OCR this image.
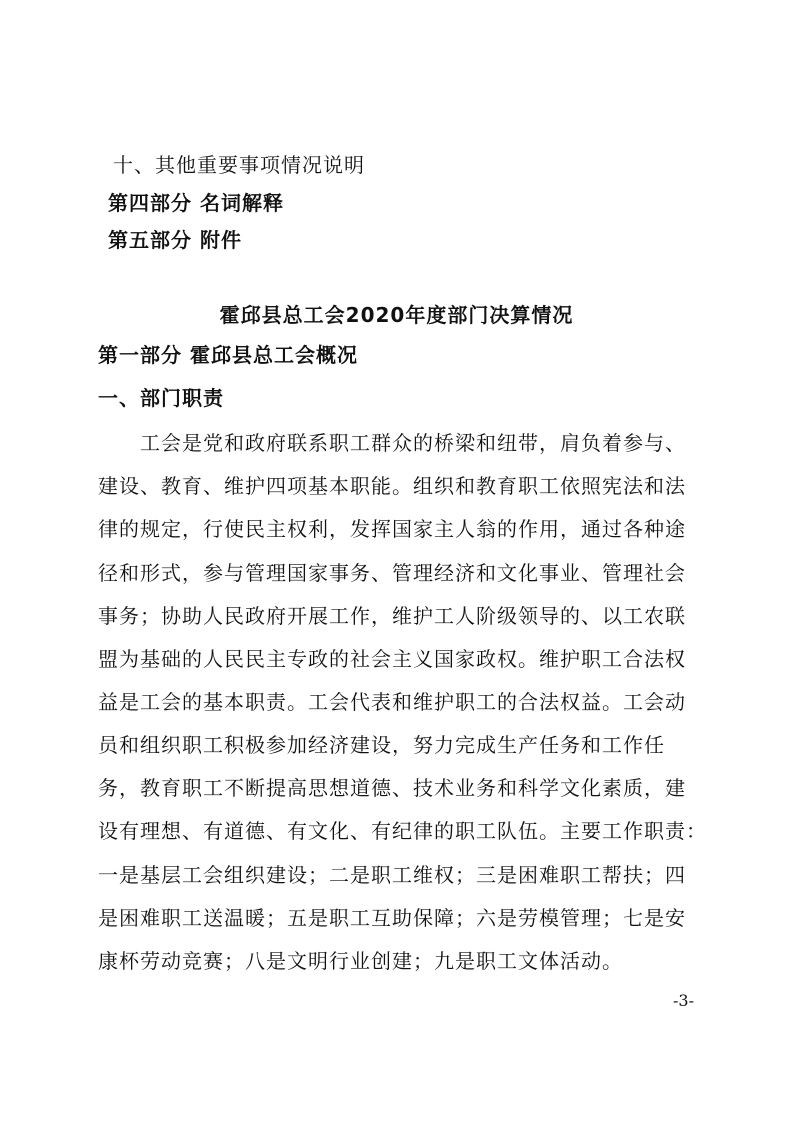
十、其他重要事项情况说明
第四部分 名词解释
第五部分 附件
霍邱县总工会2020年度部门决算情况
第一部分 霍邱县总工会概况
一、部门职责
　　工会是党和政府联系职工群众的桥梁和纽带，肩负着参与、
建设、教育、维护四项基本职能。组织和教育职工依照宪法和法
律的规定，行使民主权利，发挥国家主人翁的作用，通过各种途
径和形式，参与管理国家事务、管理经济和文化事业、管理社会
事务；协助人民政府开展工作，维护工人阶级领导的、以工农联
盟为基础的人民民主专政的社会主义国家政权。维护职工合法权
益是工会的基本职责。工会代表和维护职工的合法权益。工会动
员和组织职工积极参加经济建设，努力完成生产任务和工作任
务，教育职工不断提高思想道德、技术业务和科学文化素质，建
设有理想、有道德、有文化、有纪律的职工队伍。主要工作职责：
一是基层工会组织建设；二是职工维权；三是困难职工帮扶；四
是困难职工送温暖；五是职工互助保障；六是劳模管理；七是安
康杯劳动竞赛；八是文明行业创建；九是职工文体活动。
-3-
